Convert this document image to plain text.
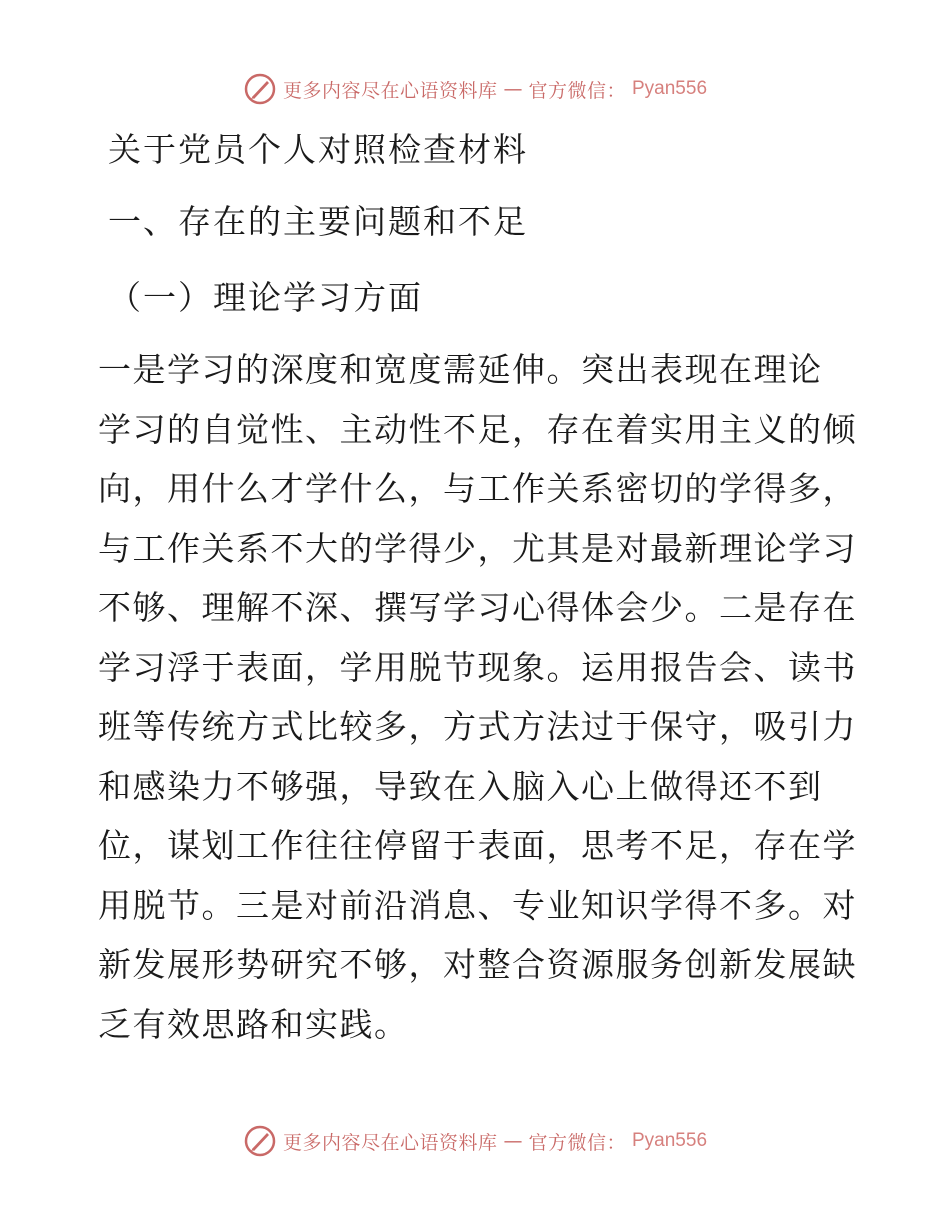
更多内容尽在心语资料库 — 官方微信： Pyan556
关于党员个人对照检查材料
一、存在的主要问题和不足
（一）理论学习方面

一是学习的深度和宽度需延伸。突出表现在理论
学习的自觉性、主动性不足，存在着实用主义的倾
向，用什么才学什么，与工作关系密切的学得多，
与工作关系不大的学得少，尤其是对最新理论学习
不够、理解不深、撰写学习心得体会少。二是存在
学习浮于表面，学用脱节现象。运用报告会、读书
班等传统方式比较多，方式方法过于保守，吸引力
和感染力不够强，导致在入脑入心上做得还不到
位，谋划工作往往停留于表面，思考不足，存在学
用脱节。三是对前沿消息、专业知识学得不多。对
新发展形势研究不够，对整合资源服务创新发展缺
乏有效思路和实践。

更多内容尽在心语资料库 — 官方微信： Pyan556
